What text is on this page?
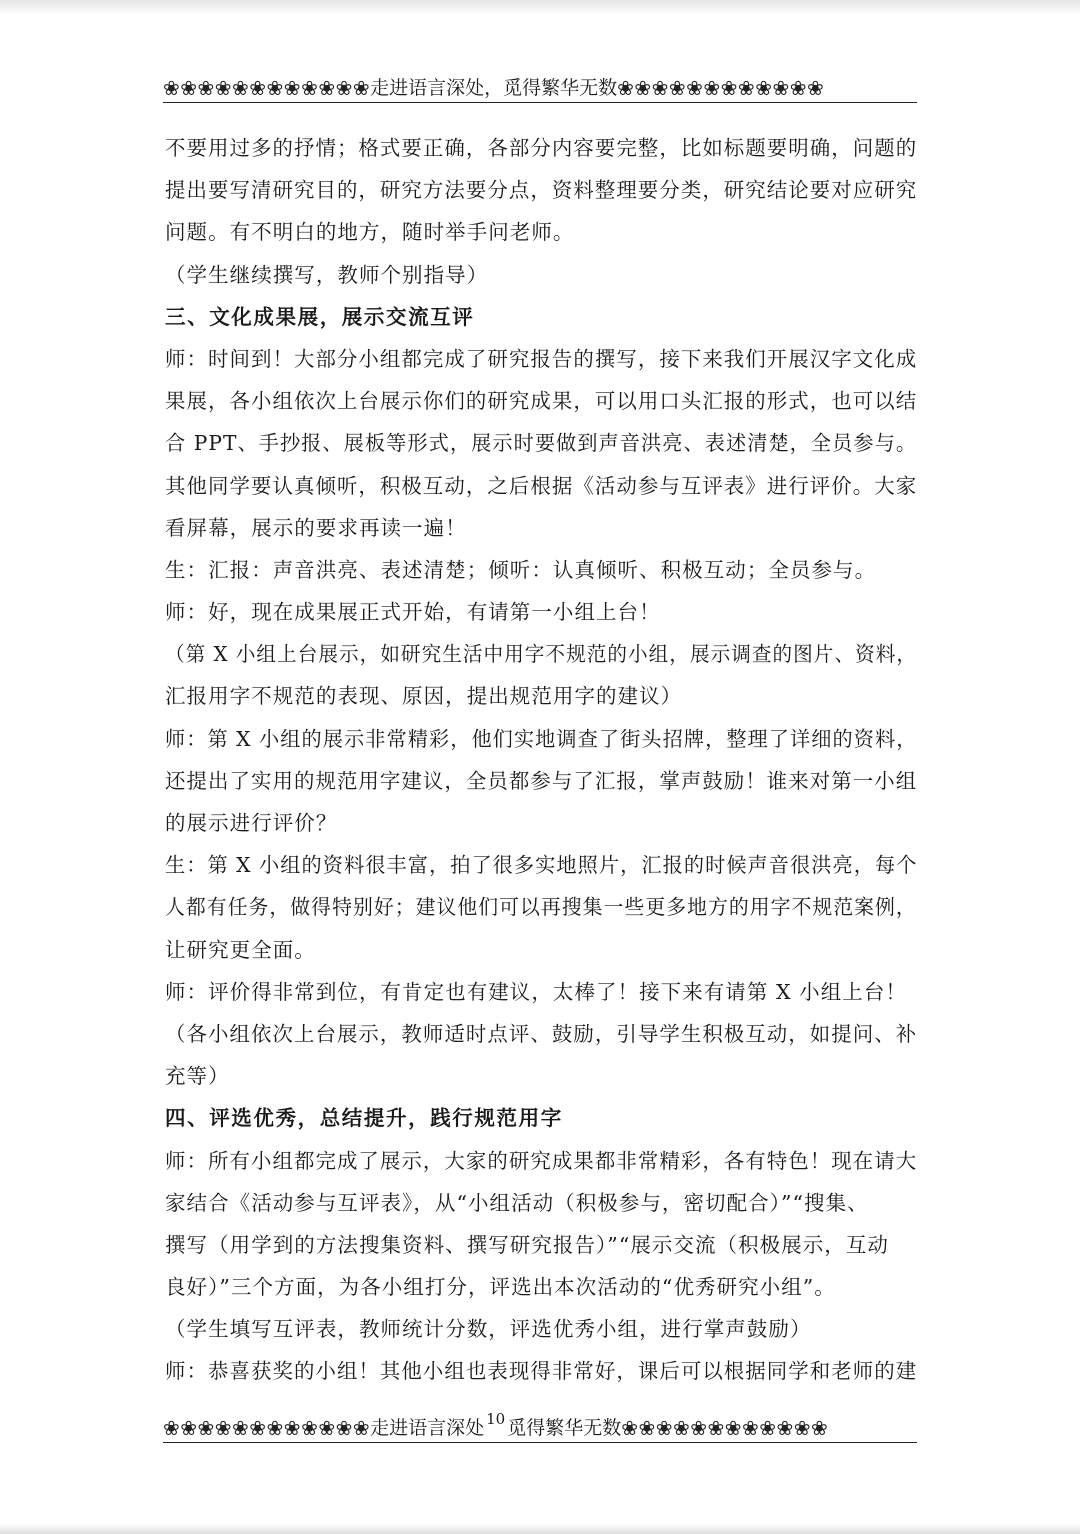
❀❀❀❀❀❀❀❀❀❀❀❀ 走进语言深处， 觅得繁华无数 ❀❀❀❀❀❀❀❀❀❀❀❀
不要用过多的抒情；格式要正确，各部分内容要完整，比如标题要明确，问题的
提出要写清研究目的，研究方法要分点，资料整理要分类，研究结论要对应研究
问题。有不明白的地方，随时举手问老师。
（学生继续撰写，教师个别指导）
三、文化成果展，展示交流互评
师：时间到！大部分小组都完成了研究报告的撰写，接下来我们开展汉字文化成
果展，各小组依次上台展示你们的研究成果，可以用口头汇报的形式，也可以结
合 PPT、手抄报、展板等形式，展示时要做到声音洪亮、表述清楚，全员参与。
其他同学要认真倾听，积极互动，之后根据《活动参与互评表》进行评价。大家
看屏幕，展示的要求再读一遍！
生：汇报：声音洪亮、表述清楚；倾听：认真倾听、积极互动；全员参与。
师：好，现在成果展正式开始，有请第一小组上台！
（第 X 小组上台展示，如研究生活中用字不规范的小组，展示调查的图片、资料，
汇报用字不规范的表现、原因，提出规范用字的建议）
师：第 X 小组的展示非常精彩，他们实地调查了街头招牌，整理了详细的资料，
还提出了实用的规范用字建议，全员都参与了汇报，掌声鼓励！谁来对第一小组
的展示进行评价？
生：第 X 小组的资料很丰富，拍了很多实地照片，汇报的时候声音很洪亮，每个
人都有任务，做得特别好；建议他们可以再搜集一些更多地方的用字不规范案例，
让研究更全面。
师：评价得非常到位，有肯定也有建议，太棒了！接下来有请第 X 小组上台！
（各小组依次上台展示，教师适时点评、鼓励，引导学生积极互动，如提问、补
充等）
四、评选优秀，总结提升，践行规范用字
师：所有小组都完成了展示，大家的研究成果都非常精彩，各有特色！现在请大
家结合《活动参与互评表》，从“小组活动（积极参与，密切配合）”“搜集、
撰写（用学到的方法搜集资料、撰写研究报告）”“展示交流（积极展示，互动
良好）”三个方面，为各小组打分，评选出本次活动的“优秀研究小组”。
（学生填写互评表，教师统计分数，评选优秀小组，进行掌声鼓励）
师：恭喜获奖的小组！其他小组也表现得非常好，课后可以根据同学和老师的建
❀❀❀❀❀❀❀❀❀❀❀❀ 走进语言深处 10 觅得繁华无数 ❀❀❀❀❀❀❀❀❀❀❀❀
